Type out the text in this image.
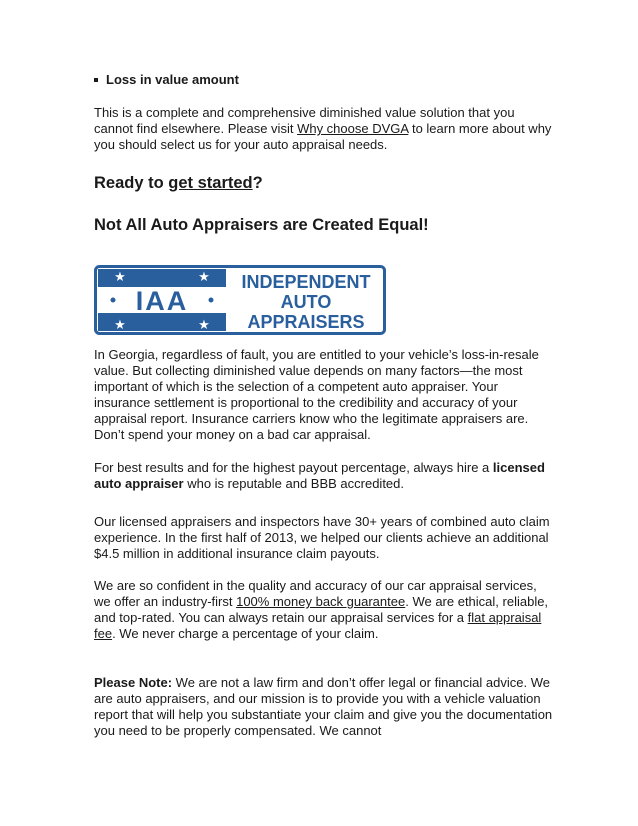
Loss in value amount

This is a complete and comprehensive diminished value solution that you cannot find elsewhere. Please visit Why choose DVGA to learn more about why you should select us for your auto appraisal needs.

Ready to get started?
Not All Auto Appraisers are Created Equal!
★	★
★	★
IAA
INDEPENDENT
AUTO
APPRAISERS

In Georgia, regardless of fault, you are entitled to your vehicle’s loss-in-resale value. But collecting diminished value depends on many factors—the most important of which is the selection of a competent auto appraiser. Your insurance settlement is proportional to the credibility and accuracy of your appraisal report. Insurance carriers know who the legitimate appraisers are. Don’t spend your money on a bad car appraisal.

For best results and for the highest payout percentage, always hire a licensed auto appraiser who is reputable and BBB accredited.

Our licensed appraisers and inspectors have 30+ years of combined auto claim experience. In the first half of 2013, we helped our clients achieve an additional $4.5 million in additional insurance claim payouts.

We are so confident in the quality and accuracy of our car appraisal services, we offer an industry-first 100% money back guarantee. We are ethical, reliable, and top-rated. You can always retain our appraisal services for a flat appraisal fee. We never charge a percentage of your claim.

Please Note: We are not a law firm and don’t offer legal or financial advice. We are auto appraisers, and our mission is to provide you with a vehicle valuation report that will help you substantiate your claim and give you the documentation you need to be properly compensated. We cannot
